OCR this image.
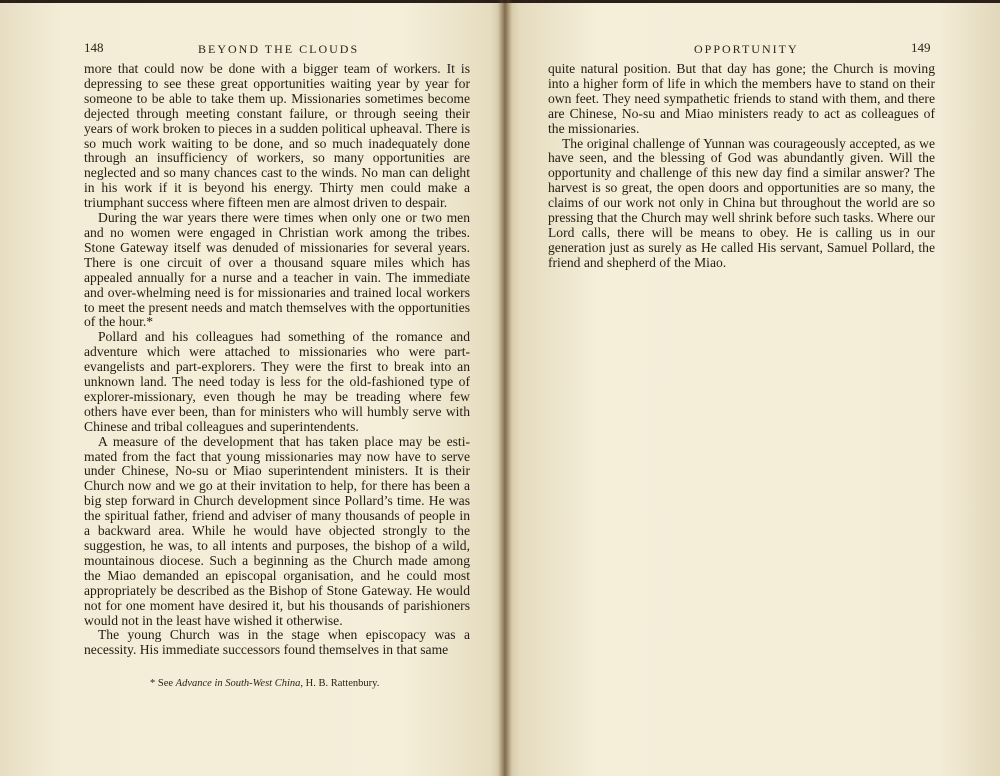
148	BEYOND THE CLOUDS

more that could now be done with a bigger team of workers. It is depressing to see these great opportunities waiting year by year for someone to be able to take them up. Missionaries sometimes become dejected through meeting constant failure, or through seeing their years of work broken to pieces in a sudden political upheaval. There is so much work waiting to be done, and so much inadequately done through an insufficiency of workers, so many opportunities are neglected and so many chances cast to the winds. No man can delight in his work if it is beyond his energy. Thirty men could make a triumphant success where fifteen men are almost driven to despair.

During the war years there were times when only one or two men and no women were engaged in Christian work among the tribes. Stone Gateway itself was denuded of missionaries for several years. There is one circuit of over a thousand square miles which has appealed annually for a nurse and a teacher in vain. The immediate and over-whelming need is for missionaries and trained local workers to meet the present needs and match themselves with the opportunities of the hour.*

Pollard and his colleagues had something of the romance and adventure which were attached to missionaries who were part-evangelists and part-explorers. They were the first to break into an unknown land. The need today is less for the old-fashioned type of explorer-missionary, even though he may be treading where few others have ever been, than for ministers who will humbly serve with Chinese and tribal colleagues and superintendents.

A measure of the development that has taken place may be esti-mated from the fact that young missionaries may now have to serve under Chinese, No-su or Miao superintendent ministers. It is their Church now and we go at their invitation to help, for there has been a big step forward in Church development since Pollard’s time. He was the spiritual father, friend and adviser of many thousands of people in a backward area. While he would have objected strongly to the suggestion, he was, to all intents and purposes, the bishop of a wild, mountainous diocese. Such a beginning as the Church made among the Miao demanded an episcopal organisation, and he could most appropriately be described as the Bishop of Stone Gateway. He would not for one moment have desired it, but his thousands of parishioners would not in the least have wished it otherwise.

The young Church was in the stage when episcopacy was a necessity. His immediate successors found themselves in that same

* See Advance in South-West China, H. B. Rattenbury.
OPPORTUNITY	149

quite natural position. But that day has gone; the Church is moving into a higher form of life in which the members have to stand on their own feet. They need sympathetic friends to stand with them, and there are Chinese, No-su and Miao ministers ready to act as colleagues of the missionaries.

The original challenge of Yunnan was courageously accepted, as we have seen, and the blessing of God was abundantly given. Will the opportunity and challenge of this new day find a similar answer? The harvest is so great, the open doors and opportunities are so many, the claims of our work not only in China but throughout the world are so pressing that the Church may well shrink before such tasks. Where our Lord calls, there will be means to obey. He is calling us in our generation just as surely as He called His servant, Samuel Pollard, the friend and shepherd of the Miao.
